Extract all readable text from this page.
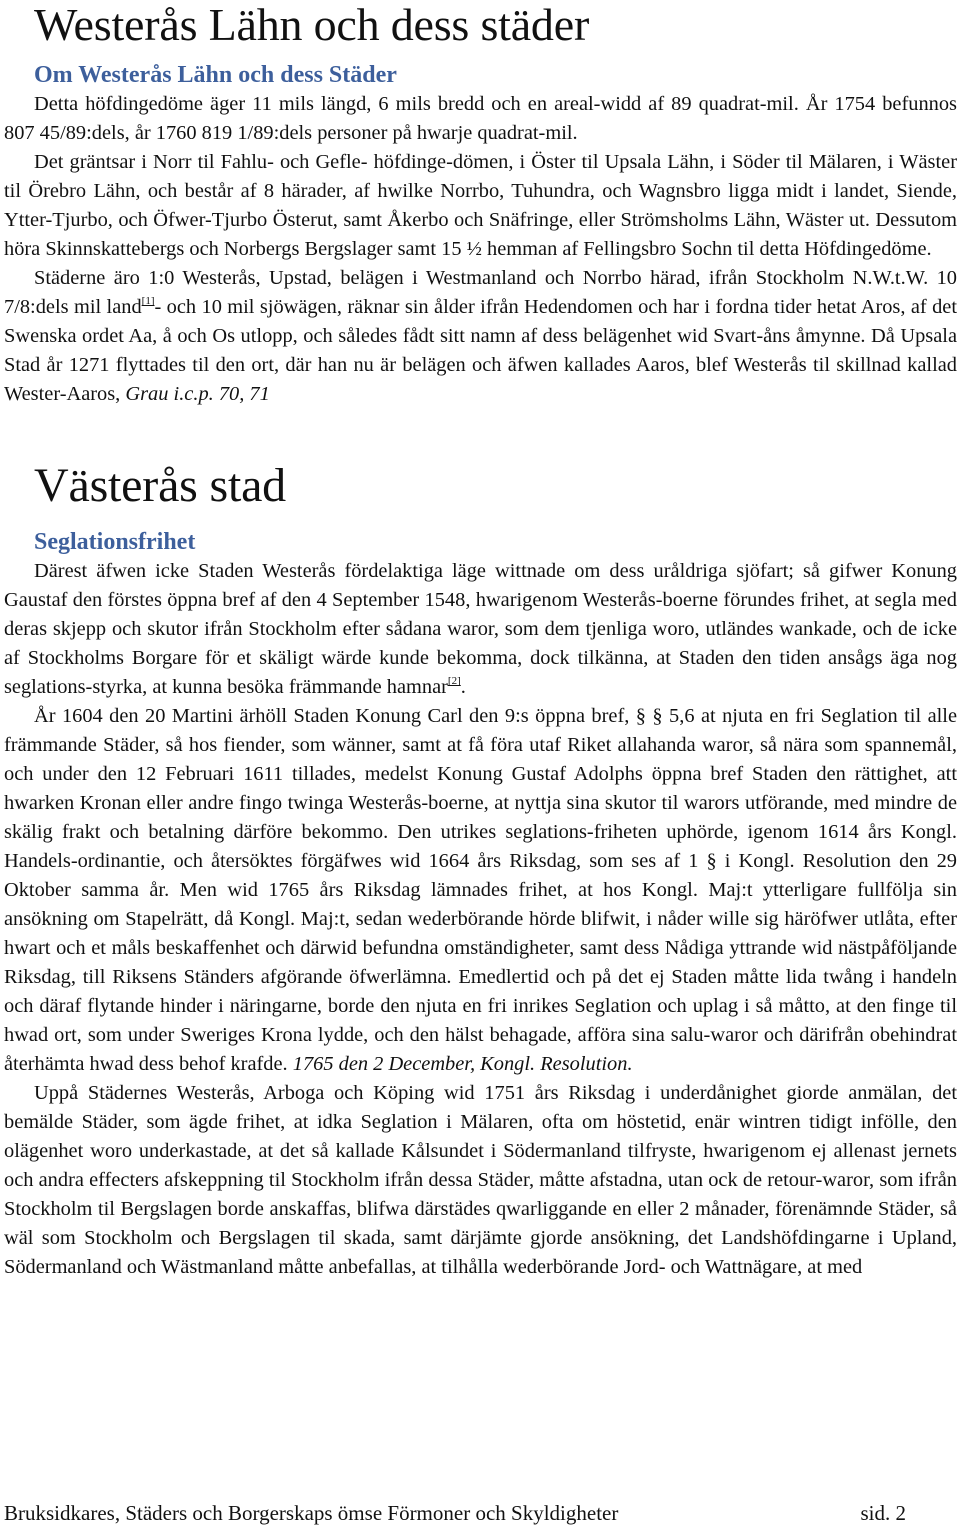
Westerås Lähn och dess städer
Om Westerås Lähn och dess Städer

Detta höfdingedöme äger 11 mils längd, 6 mils bredd och en areal-widd af 89 quadrat-mil. År 1754 befunnos 807 45/89:dels, år 1760 819 1/89:dels personer på hwarje quadrat-mil.

Det gräntsar i Norr til Fahlu- och Gefle- höfdinge-dömen, i Öster til Upsala Lähn, i Söder til Mälaren, i Wäster til Örebro Lähn, och består af 8 härader, af hwilke Norrbo, Tuhundra, och Wagnsbro ligga midt i landet, Siende, Ytter-Tjurbo, och Öfwer-Tjurbo Österut, samt Åkerbo och Snäfringe, eller Strömsholms Lähn, Wäster ut. Dessutom höra Skinnskattebergs och Norbergs Bergslager samt 15 ½ hemman af Fellingsbro Sochn til detta Höfdingedöme.

Städerne äro 1:0 Westerås, Upstad, belägen i Westmanland och Norrbo härad, ifrån Stockholm N.W.t.W. 10 7/8:dels mil land[1]- och 10 mil sjöwägen, räknar sin ålder ifrån Hedendomen och har i fordna tider hetat Aros, af det Swenska ordet Aa, å och Os utlopp, och således fådt sitt namn af dess belägenhet wid Svart-åns åmynne. Då Upsala Stad år 1271 flyttades til den ort, där han nu är belägen och äfwen kallades Aaros, blef Westerås til skillnad kallad Wester-Aaros, Grau i.c.p. 70, 71

Västerås stad
Seglationsfrihet

Därest äfwen icke Staden Westerås fördelaktiga läge wittnade om dess uråldriga sjöfart; så gifwer Konung Gaustaf den förstes öppna bref af den 4 September 1548, hwarigenom Westerås-boerne förundes frihet, at segla med deras skjepp och skutor ifrån Stockholm efter sådana waror, som dem tjenliga woro, utländes wankade, och de icke af Stockholms Borgare för et skäligt wärde kunde bekomma, dock tilkänna, at Staden den tiden ansågs äga nog seglations-styrka, at kunna besöka främmande hamnar[2].

År 1604 den 20 Martini ärhöll Staden Konung Carl den 9:s öppna bref, § § 5,6 at njuta en fri Seglation til alle främmande Städer, så hos fiender, som wänner, samt at få föra utaf Riket allahanda waror, så nära som spannemål, och under den 12 Februari 1611 tillades, medelst Konung Gustaf Adolphs öppna bref Staden den rättighet, att hwarken Kronan eller andre fingo twinga Westerås-boerne, at nyttja sina skutor til warors utförande, med mindre de skälig frakt och betalning därföre bekommo. Den utrikes seglations-friheten uphörde, igenom 1614 års Kongl. Handels-ordinantie, och återsöktes förgäfwes wid 1664 års Riksdag, som ses af 1 § i Kongl. Resolution den 29 Oktober samma år. Men wid 1765 års Riksdag lämnades frihet, at hos Kongl. Maj:t ytterligare fullfölja sin ansökning om Stapelrätt, då Kongl. Maj:t, sedan wederbörande hörde blifwit, i nåder wille sig häröfwer utlåta, efter hwart och et måls beskaffenhet och därwid befundna omständigheter, samt dess Nådiga yttrande wid nästpåföljande Riksdag, till Riksens Ständers afgörande öfwerlämna. Emedlertid och på det ej Staden måtte lida twång i handeln och däraf flytande hinder i näringarne, borde den njuta en fri inrikes Seglation och uplag i så måtto, at den finge til hwad ort, som under Sweriges Krona lydde, och den hälst behagade, afföra sina salu-waror och därifrån obehindrat återhämta hwad dess behof krafde. 1765 den 2 December, Kongl. Resolution.

Uppå Städernes Westerås, Arboga och Köping wid 1751 års Riksdag i underdånighet giorde anmälan, det bemälde Städer, som ägde frihet, at idka Seglation i Mälaren, ofta om höstetid, enär wintren tidigt infölle, den olägenhet woro underkastade, at det så kallade Kålsundet i Södermanland tilfryste, hwarigenom ej allenast jernets och andra effecters afskeppning til Stockholm ifrån dessa Städer, måtte afstadna, utan ock de retour-waror, som ifrån Stockholm til Bergslagen borde anskaffas, blifwa därstädes qwarliggande en eller 2 månader, förenämnde Städer, så wäl som Stockholm och Bergslagen til skada, samt därjämte gjorde ansökning, det Landshöfdingarne i Upland, Södermanland och Wästmanland måtte anbefallas, at tilhålla wederbörande Jord- och Wattnägare, at med

Bruksidkares, Städers och Borgerskaps ömse Förmoner och Skyldigheter	sid. 2
